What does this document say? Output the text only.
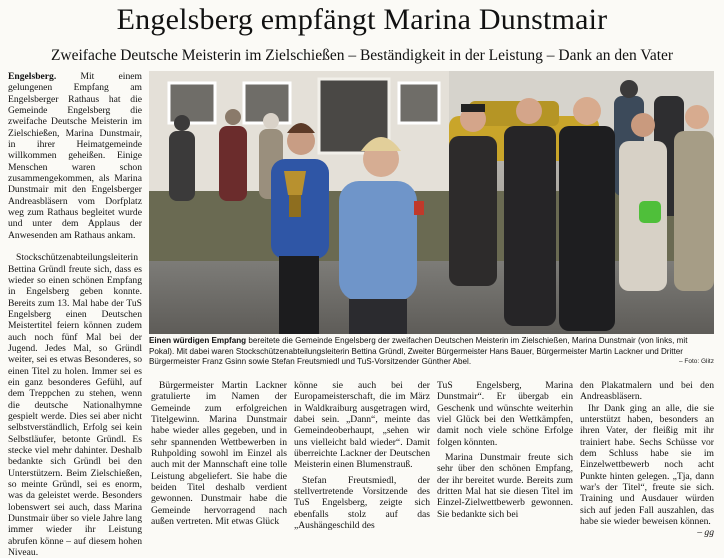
Engelsberg empfängt Marina Dunstmair
Zweifache Deutsche Meisterin im Zielschießen – Beständigkeit in der Leistung – Dank an den Vater

Engelsberg. Mit einem gelungenen Empfang am Engelsberger Rathaus hat die Gemeinde Engelsberg die zweifache Deutsche Meisterin im Zielschießen, Marina Dunstmair, in ihrer Heimatgemeinde willkommen geheißen. Einige Menschen waren schon zusammengekommen, als Marina Dunstmair mit den Engelsberger Andreasbläsern vom Dorfplatz weg zum Rathaus begleitet wurde und unter dem Applaus der Anwesenden am Rathaus ankam.

Stockschützenabteilungsleiterin Bettina Gründl freute sich, dass es wieder so einen schönen Empfang in Engelsberg geben konnte. Bereits zum 13. Mal habe der TuS Engelsberg einen Deutschen Meistertitel feiern können zudem auch noch fünf Mal bei der Jugend. Jedes Mal, so Gründl weiter, sei es etwas Besonderes, so einen Titel zu holen. Immer sei es ein ganz besonderes Gefühl, auf dem Treppchen zu stehen, wenn die deutsche Nationalhymne gespielt werde. Dies sei aber nicht selbstverständlich, Erfolg sei kein Selbstläufer, betonte Gründl. Es stecke viel mehr dahinter. Deshalb bedankte sich Gründl bei den Unterstützern. Beim Zielschießen, so meinte Gründl, sei es enorm, was da geleistet werde. Besonders lobenswert sei auch, dass Marina Dunstmair über so viele Jahre lang immer wieder ihr Leistung abrufen könne – auf diesem hohen Niveau.

Einen würdigen Empfang bereitete die Gemeinde Engelsberg der zweifachen Deutschen Meisterin im Zielschießen, Marina Dunstmair (von links, mit Pokal). Mit dabei waren Stockschützenabteilungsleiterin Bettina Gründl, Zweiter Bürgermeister Hans Bauer, Bürgermeister Martin Lackner und Dritter Bürgermeister Franz Gsinn sowie Stefan Freutsmiedl und TuS-Vorsitzender Günther Abel.	– Foto: Glitz

Bürgermeister Martin Lackner gratulierte im Namen der Gemeinde zum erfolgreichen Titelgewinn. Marina Dunstmair habe wieder alles gegeben, und in sehr spannenden Wettbewerben in Ruhpolding sowohl im Einzel als auch mit der Mannschaft eine tolle Leistung abgeliefert. Sie habe die beiden Titel deshalb verdient gewonnen. Dunstmair habe die Gemeinde hervorragend nach außen vertreten. Mit etwas Glück

könne sie auch bei der Europameisterschaft, die im März in Waldkraiburg ausgetragen wird, dabei sein. „Dann“, meinte das Gemeindeoberhaupt, „sehen wir uns vielleicht bald wieder“. Damit überreichte Lackner der Deutschen Meisterin einen Blumenstrauß.

Stefan Freutsmiedl, der stellvertretende Vorsitzende des TuS Engelsberg, zeigte sich ebenfalls stolz auf das „Aushängeschild des

TuS Engelsberg, Marina Dunstmair“. Er übergab ein Geschenk und wünschte weiterhin viel Glück bei den Wettkämpfen, damit noch viele schöne Erfolge folgen könnten.

Marina Dunstmair freute sich sehr über den schönen Empfang, der ihr bereitet wurde. Bereits zum dritten Mal hat sie diesen Titel im Einzel-Zielwettbewerb gewonnen. Sie bedankte sich bei

den Plakatmalern und bei den Andreasbläsern.

Ihr Dank ging an alle, die sie unterstützt haben, besonders an ihren Vater, der fleißig mit ihr trainiert habe. Sechs Schüsse vor dem Schluss habe sie im Einzelwettbewerb noch acht Punkte hinten gelegen. „Tja, dann war's der Titel“, freute sie sich. Training und Ausdauer würden sich auf jeden Fall auszahlen, das habe sie wieder beweisen können.

– gg
